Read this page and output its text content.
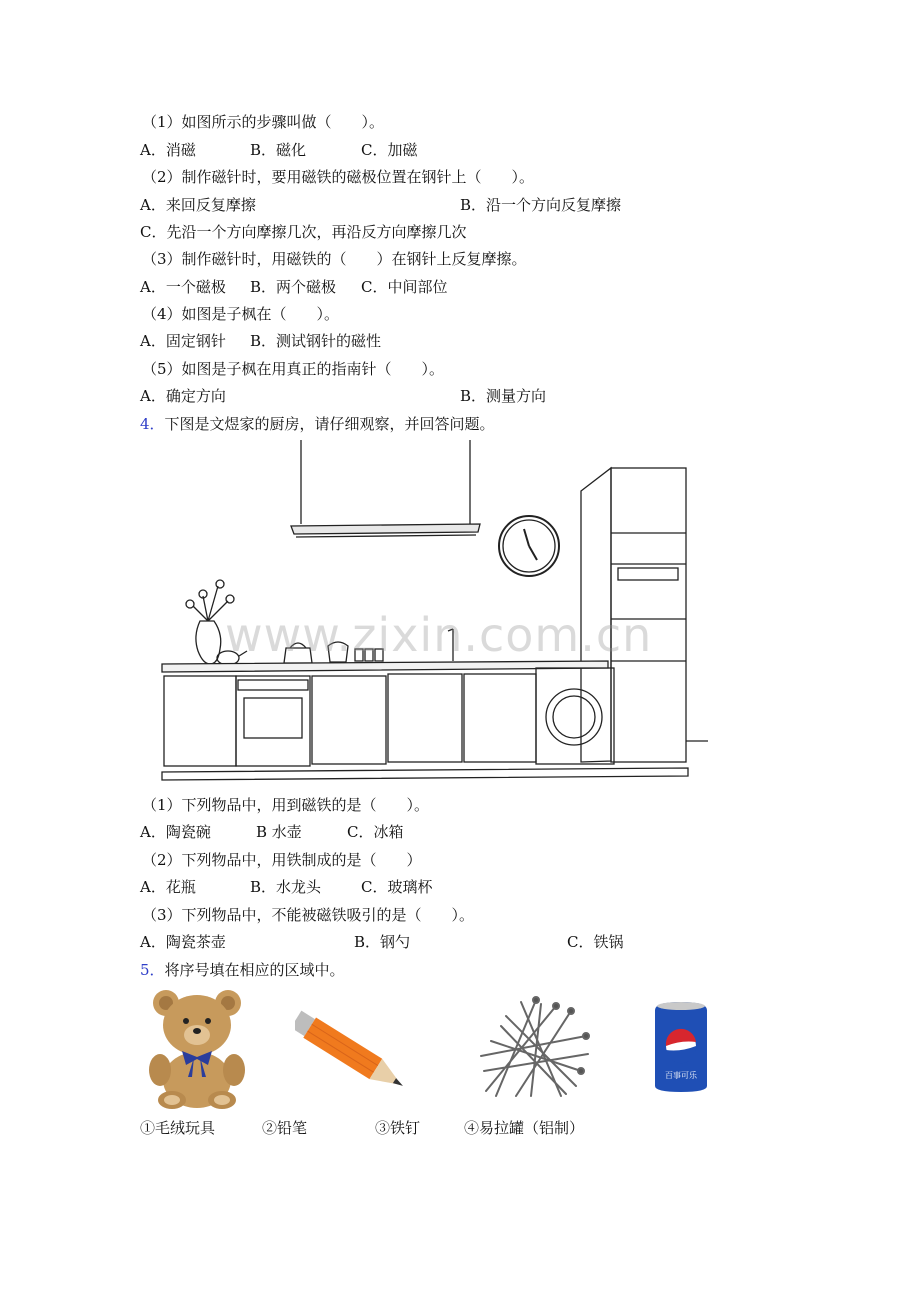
（1）如图所示的步骤叫做（　　）。
A．消磁	B．磁化	C．加磁
（2）制作磁针时，要用磁铁的磁极位置在钢针上（　　）。
A．来回反复摩擦	B．沿一个方向反复摩擦
C．先沿一个方向摩擦几次，再沿反方向摩擦几次
（3）制作磁针时，用磁铁的（　　）在钢针上反复摩擦。
A．一个磁极 B．两个磁极 C．中间部位
（4）如图是子枫在（　　）。
A．固定钢针 B．测试钢针的磁性
（5）如图是子枫在用真正的指南针（　　）。
A．确定方向	B．测量方向
4．下图是文煜家的厨房，请仔细观察，并回答问题。
www.zixin.com.cn
（1）下列物品中，用到磁铁的是（　　）。
A．陶瓷碗	B 水壶	C．冰箱
（2）下列物品中，用铁制成的是（　　）
A．花瓶	B．水龙头	C．玻璃杯
（3）下列物品中，不能被磁铁吸引的是（　　）。
A．陶瓷茶壶	B．钢勺	C．铁锅
5．将序号填在相应的区域中。
百事可乐
①毛绒玩具	②铅笔	③铁钉	④易拉罐（铝制）
